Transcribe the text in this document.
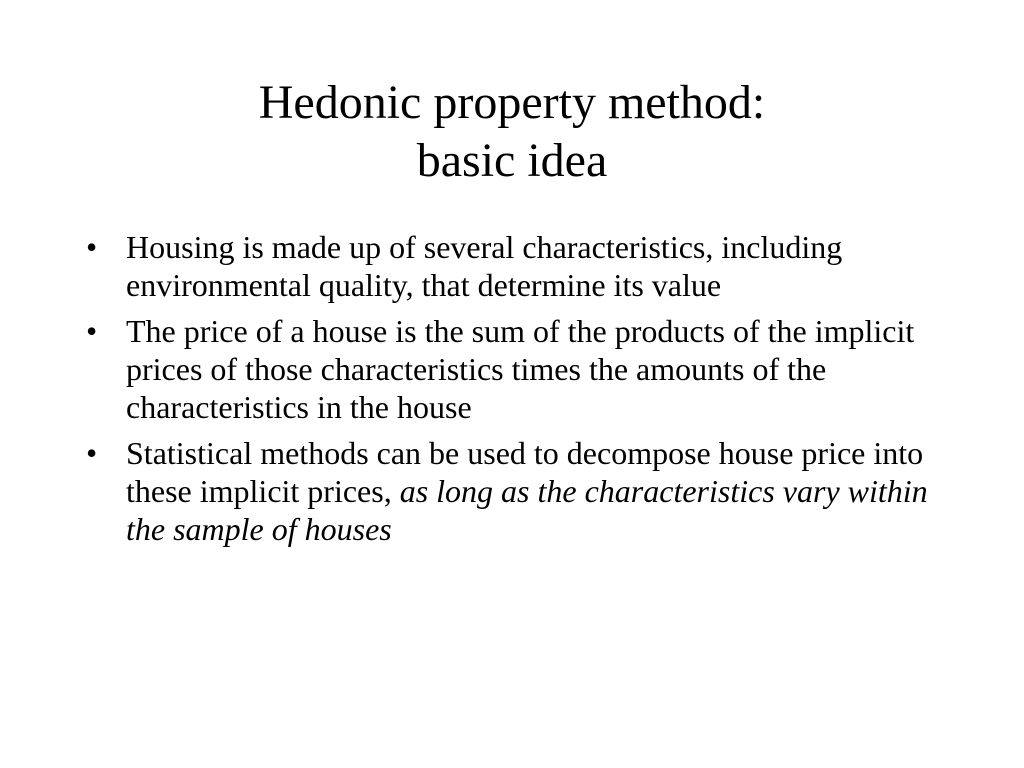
Hedonic property method:
basic idea
• Housing is made up of several characteristics, including environmental quality, that determine its value
• The price of a house is the sum of the products of the implicit prices of those characteristics times the amounts of the characteristics in the house
• Statistical methods can be used to decompose house price into these implicit prices, as long as the characteristics vary within the sample of houses
